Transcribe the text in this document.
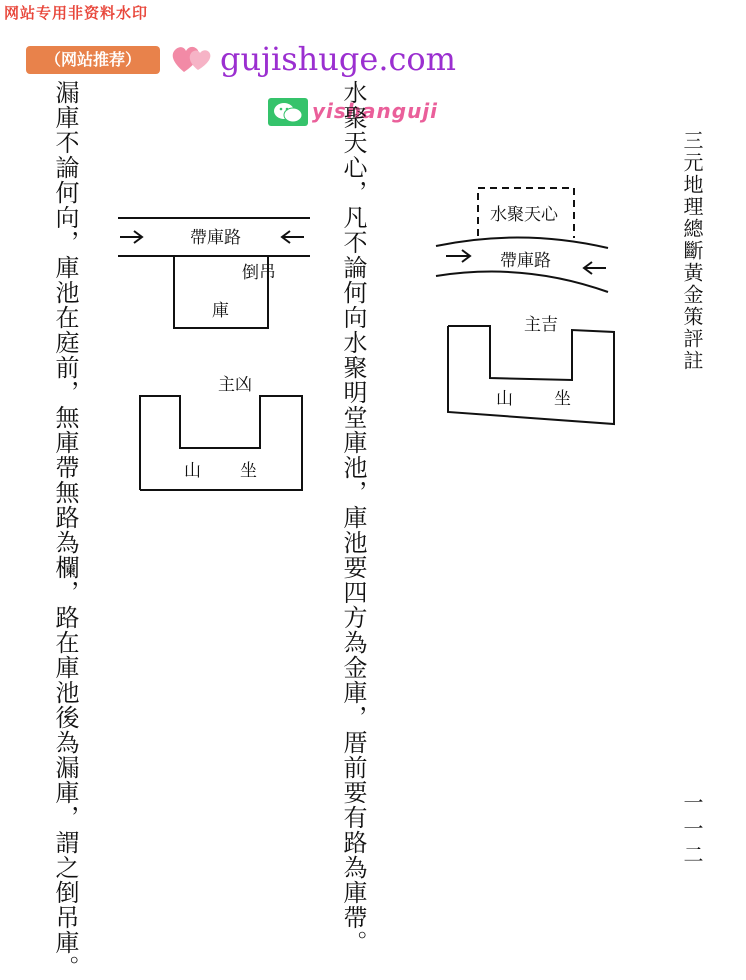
网站专用非资料水印
（网站推荐）	gujishuge.com
yishanguji
漏庫不論何向，庫池在庭前，無庫帶無路為欄，路在庫池後為漏庫，謂之倒吊庫。	水聚天心，凡不論何向水聚明堂庫池，庫池要四方為金庫，厝前要有路為庫帶。	三元地理總斷黃金策評註
一一二
帶庫路
倒吊
庫
主凶
山 坐
水聚天心
帶庫路
主吉
山 坐
